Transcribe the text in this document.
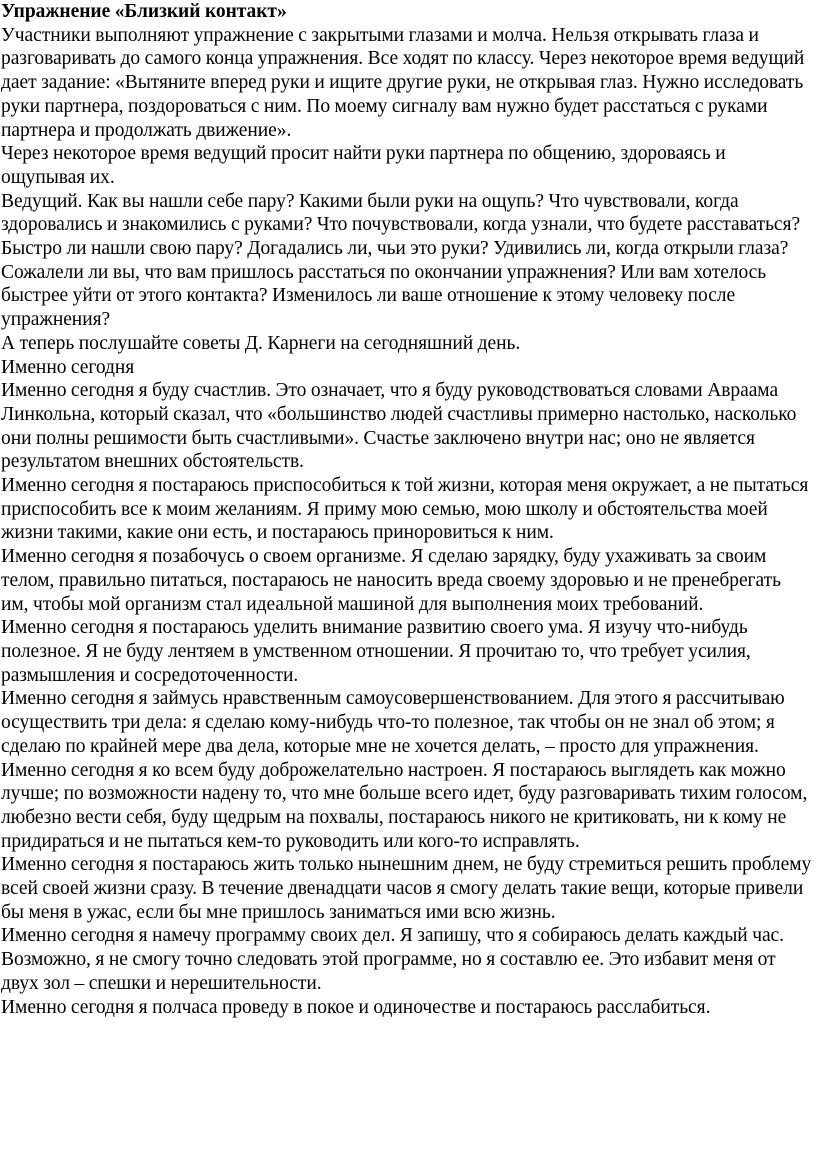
Упражнение «Близкий контакт»

Участники выполняют упражнение с закрытыми глазами и молча. Нельзя открывать глаза и разговаривать до самого конца упражнения. Все ходят по классу. Через некоторое время ведущий дает задание: «Вытяните вперед руки и ищите другие руки, не открывая глаз. Нужно исследовать руки партнера, поздороваться с ним. По моему сигналу вам нужно будет расстаться с руками партнера и продолжать движение».

Через некоторое время ведущий просит найти руки партнера по общению, здороваясь и ощупывая их.

Ведущий. Как вы нашли себе пару? Какими были руки на ощупь? Что чувствовали, когда здоровались и знакомились с руками? Что почувствовали, когда узнали, что будете расставаться? Быстро ли нашли свою пару? Догадались ли, чьи это руки? Удивились ли, когда открыли глаза? Сожалели ли вы, что вам пришлось расстаться по окончании упражнения? Или вам хотелось быстрее уйти от этого контакта? Изменилось ли ваше отношение к этому человеку после упражнения?

А теперь послушайте советы Д. Карнеги на сегодняшний день.

Именно сегодня

Именно сегодня я буду счастлив. Это означает, что я буду руководствоваться словами Авраама Линкольна, который сказал, что «большинство людей счастливы примерно настолько, насколько они полны решимости быть счастливыми». Счастье заключено внутри нас; оно не является результатом внешних обстоятельств.

Именно сегодня я постараюсь приспособиться к той жизни, которая меня окружает, а не пытаться приспособить все к моим желаниям. Я приму мою семью, мою школу и обстоятельства моей жизни такими, какие они есть, и постараюсь приноровиться к ним.

Именно сегодня я позабочусь о своем организме. Я сделаю зарядку, буду ухаживать за своим телом, правильно питаться, постараюсь не наносить вреда своему здоровью и не пренебрегать им, чтобы мой организм стал идеальной машиной для выполнения моих требований.

Именно сегодня я постараюсь уделить внимание развитию своего ума. Я изучу что-нибудь полезное. Я не буду лентяем в умственном отношении. Я прочитаю то, что требует усилия, размышления и сосредоточенности.

Именно сегодня я займусь нравственным самоусовершенствованием. Для этого я рассчитываю осуществить три дела: я сделаю кому-нибудь что-то полезное, так чтобы он не знал об этом; я сделаю по крайней мере два дела, которые мне не хочется делать, – просто для упражнения.

Именно сегодня я ко всем буду доброжелательно настроен. Я постараюсь выглядеть как можно лучше; по возможности надену то, что мне больше всего идет, буду разговаривать тихим голосом, любезно вести себя, буду щедрым на похвалы, постараюсь никого не критиковать, ни к кому не придираться и не пытаться кем-то руководить или кого-то исправлять.

Именно сегодня я постараюсь жить только нынешним днем, не буду стремиться решить проблему всей своей жизни сразу. В течение двенадцати часов я смогу делать такие вещи, которые привели бы меня в ужас, если бы мне пришлось заниматься ими всю жизнь.

Именно сегодня я намечу программу своих дел. Я запишу, что я собираюсь делать каждый час. Возможно, я не смогу точно следовать этой программе, но я составлю ее. Это избавит меня от двух зол – спешки и нерешительности.

Именно сегодня я полчаса проведу в покое и одиночестве и постараюсь расслабиться.
